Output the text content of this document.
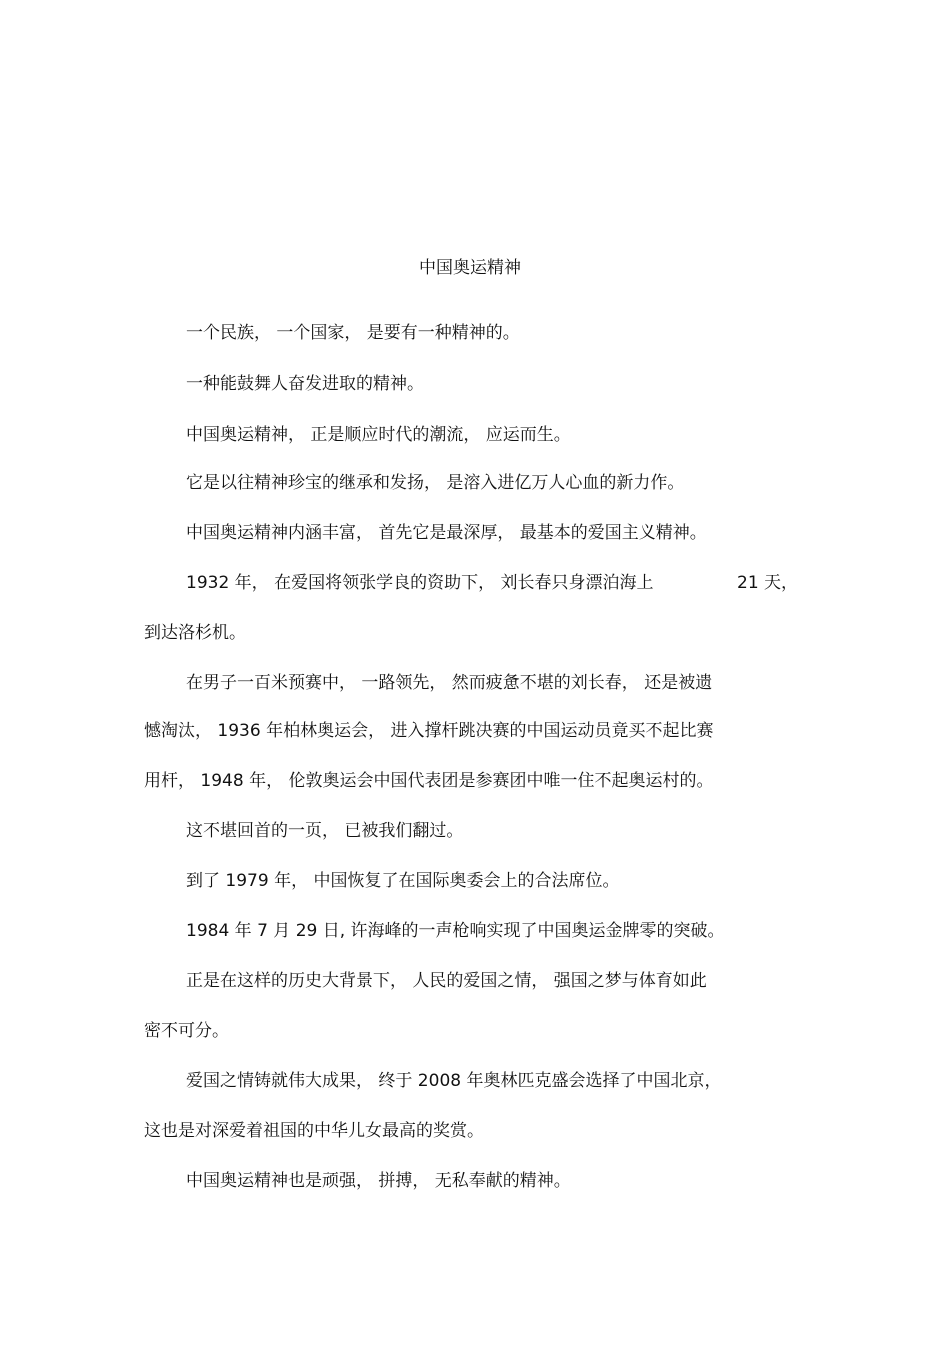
中国奥运精神
一个民族， 一个国家， 是要有一种精神的。
一种能鼓舞人奋发进取的精神。
中国奥运精神， 正是顺应时代的潮流， 应运而生。
它是以往精神珍宝的继承和发扬， 是溶入进亿万人心血的新力作。
中国奥运精神内涵丰富， 首先它是最深厚， 最基本的爱国主义精神。
1932 年， 在爱国将领张学良的资助下， 刘长春只身漂泊海上	21 天，
到达洛杉机。
在男子一百米预赛中， 一路领先， 然而疲惫不堪的刘长春， 还是被遗
憾淘汰， 1936 年柏林奥运会， 进入撑杆跳决赛的中国运动员竟买不起比赛
用杆， 1948 年， 伦敦奥运会中国代表团是参赛团中唯一住不起奥运村的。
这不堪回首的一页， 已被我们翻过。
到了 1979 年， 中国恢复了在国际奥委会上的合法席位。
1984 年 7 月 29 日, 许海峰的一声枪响实现了中国奥运金牌零的突破。
正是在这样的历史大背景下， 人民的爱国之情， 强国之梦与体育如此
密不可分。
爱国之情铸就伟大成果， 终于 2008 年奥林匹克盛会选择了中国北京，
这也是对深爱着祖国的中华儿女最高的奖赏。
中国奥运精神也是顽强， 拼搏， 无私奉献的精神。
